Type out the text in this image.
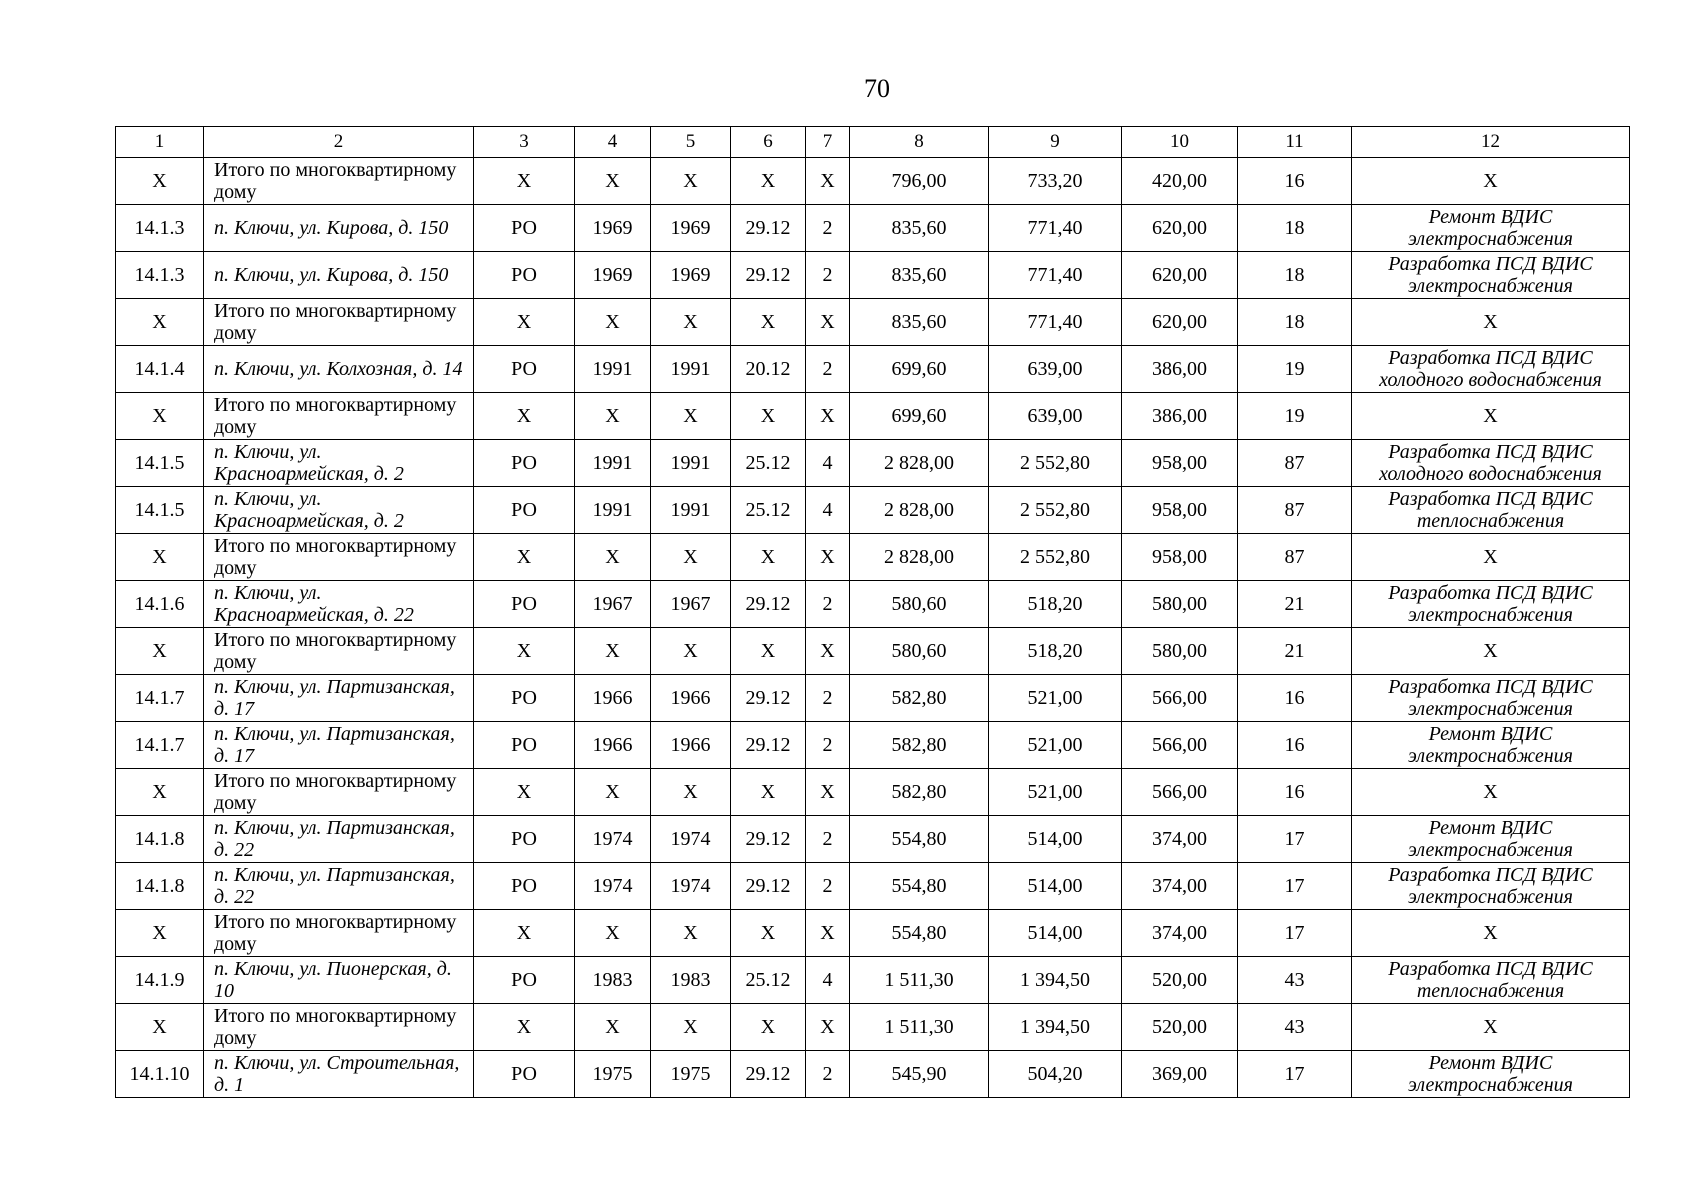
70
1	2	3	4	5	6	7	8	9	10	11	12
Х	Итого по многоквартирному дому	Х	Х	Х	Х	Х	796,00	733,20	420,00	16	Х
14.1.3	п. Ключи, ул. Кирова, д. 150	РО	1969	1969	29.12	2	835,60	771,40	620,00	18	Ремонт ВДИС электроснабжения
14.1.3	п. Ключи, ул. Кирова, д. 150	РО	1969	1969	29.12	2	835,60	771,40	620,00	18	Разработка ПСД ВДИС электроснабжения
Х	Итого по многоквартирному дому	Х	Х	Х	Х	Х	835,60	771,40	620,00	18	Х
14.1.4	п. Ключи, ул. Колхозная, д. 14	РО	1991	1991	20.12	2	699,60	639,00	386,00	19	Разработка ПСД ВДИС холодного водоснабжения
Х	Итого по многоквартирному дому	Х	Х	Х	Х	Х	699,60	639,00	386,00	19	Х
14.1.5	п. Ключи, ул. Красноармейская, д. 2	РО	1991	1991	25.12	4	2 828,00	2 552,80	958,00	87	Разработка ПСД ВДИС холодного водоснабжения
14.1.5	п. Ключи, ул. Красноармейская, д. 2	РО	1991	1991	25.12	4	2 828,00	2 552,80	958,00	87	Разработка ПСД ВДИС теплоснабжения
Х	Итого по многоквартирному дому	Х	Х	Х	Х	Х	2 828,00	2 552,80	958,00	87	Х
14.1.6	п. Ключи, ул. Красноармейская, д. 22	РО	1967	1967	29.12	2	580,60	518,20	580,00	21	Разработка ПСД ВДИС электроснабжения
Х	Итого по многоквартирному дому	Х	Х	Х	Х	Х	580,60	518,20	580,00	21	Х
14.1.7	п. Ключи, ул. Партизанская, д. 17	РО	1966	1966	29.12	2	582,80	521,00	566,00	16	Разработка ПСД ВДИС электроснабжения
14.1.7	п. Ключи, ул. Партизанская, д. 17	РО	1966	1966	29.12	2	582,80	521,00	566,00	16	Ремонт ВДИС электроснабжения
Х	Итого по многоквартирному дому	Х	Х	Х	Х	Х	582,80	521,00	566,00	16	Х
14.1.8	п. Ключи, ул. Партизанская, д. 22	РО	1974	1974	29.12	2	554,80	514,00	374,00	17	Ремонт ВДИС электроснабжения
14.1.8	п. Ключи, ул. Партизанская, д. 22	РО	1974	1974	29.12	2	554,80	514,00	374,00	17	Разработка ПСД ВДИС электроснабжения
Х	Итого по многоквартирному дому	Х	Х	Х	Х	Х	554,80	514,00	374,00	17	Х
14.1.9	п. Ключи, ул. Пионерская, д. 10	РО	1983	1983	25.12	4	1 511,30	1 394,50	520,00	43	Разработка ПСД ВДИС теплоснабжения
Х	Итого по многоквартирному дому	Х	Х	Х	Х	Х	1 511,30	1 394,50	520,00	43	Х
14.1.10	п. Ключи, ул. Строительная, д. 1	РО	1975	1975	29.12	2	545,90	504,20	369,00	17	Ремонт ВДИС электроснабжения
